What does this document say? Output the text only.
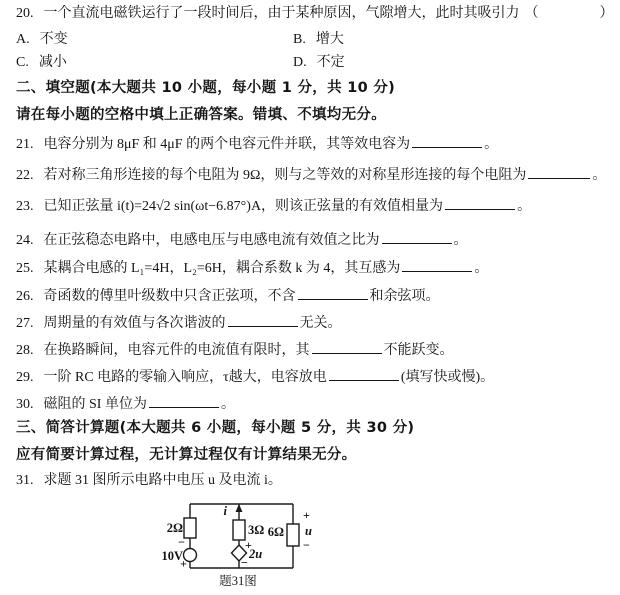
20. 一个直流电磁铁运行了一段时间后，由于某种原因，气隙增大，此时其吸引力 （　　　　）
A. 不变	B. 增大
C. 减小	D. 不定
二、填空题(本大题共 10 小题，每小题 1 分，共 10 分)
请在每小题的空格中填上正确答案。错填、不填均无分。
21. 电容分别为 8μF 和 4μF 的两个电容元件并联，其等效电容为	。
22. 若对称三角形连接的每个电阻为 9Ω，则与之等效的对称星形连接的每个电阻为	。
23. 已知正弦量 i(t)=24√2 sin(ωt−6.87°)A，则该正弦量的有效值相量为	。
24. 在正弦稳态电路中，电感电压与电感电流有效值之比为	。
25. 某耦合电感的 L₁=4H，L₂=6H，耦合系数 k 为 4，其互感为	。
26. 奇函数的傅里叶级数中只含正弦项，不含	和余弦项。
27. 周期量的有效值与各次谐波的	无关。
28. 在换路瞬间，电容元件的电流值有限时，其	不能跃变。
29. 一阶 RC 电路的零输入响应，τ越大，电容放电	(填写快或慢)。
30. 磁阻的 SI 单位为	。
三、简答计算题(本大题共 6 小题，每小题 5 分，共 30 分)
应有简要计算过程，无计算过程仅有计算结果无分。
31. 求题 31 图所示电路中电压 u 及电流 i。
2Ω
−
10V
+
i
3Ω
+
2u
−
6Ω
+
u
−
题31图
